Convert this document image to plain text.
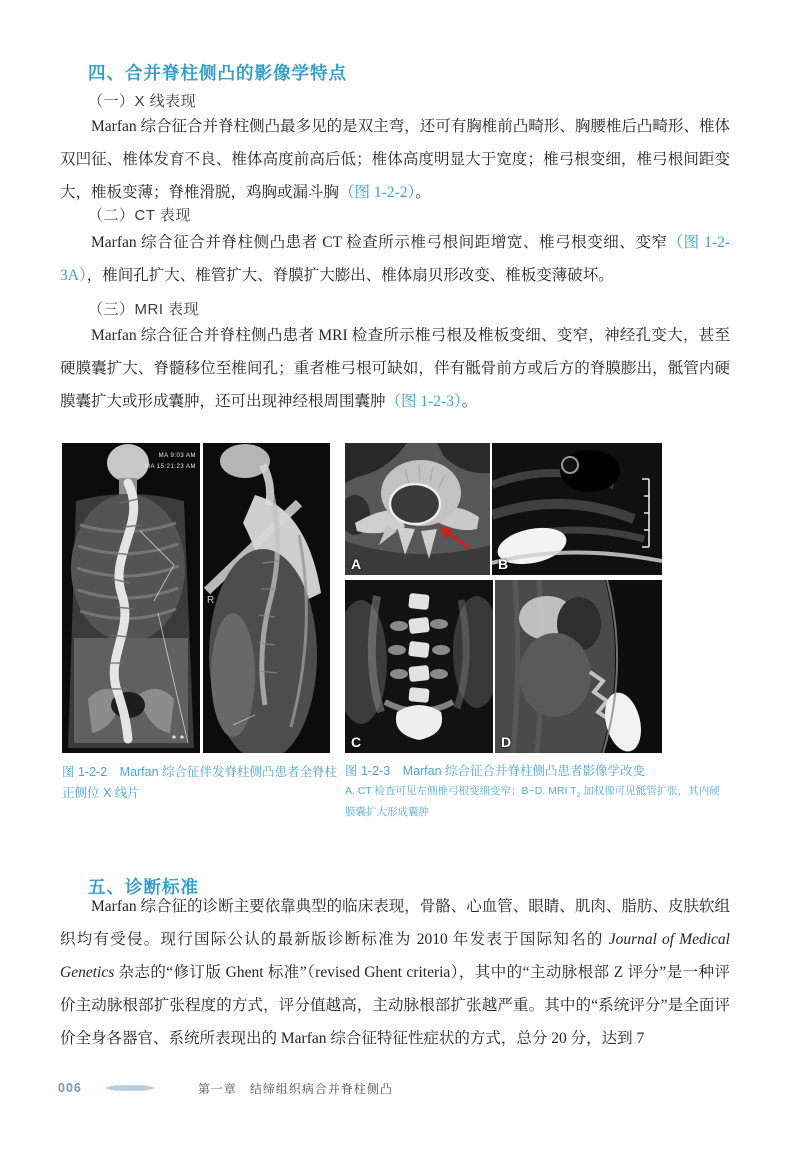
四、合并脊柱侧凸的影像学特点
（一）X 线表现
Marfan 综合征合并脊柱侧凸最多见的是双主弯，还可有胸椎前凸畸形、胸腰椎后凸畸形、椎体双凹征、椎体发育不良、椎体高度前高后低；椎体高度明显大于宽度；椎弓根变细，椎弓根间距变大，椎板变薄；脊椎滑脱，鸡胸或漏斗胸（图 1-2-2）。
（二）CT 表现
Marfan 综合征合并脊柱侧凸患者 CT 检查所示椎弓根间距增宽、椎弓根变细、变窄（图 1-2-3A），椎间孔扩大、椎管扩大、脊膜扩大膨出、椎体扇贝形改变、椎板变薄破坏。
（三）MRI 表现
Marfan 综合征合并脊柱侧凸患者 MRI 检查所示椎弓根及椎板变细、变窄，神经孔变大，甚至硬膜囊扩大、脊髓移位至椎间孔；重者椎弓根可缺如，伴有骶骨前方或后方的脊膜膨出，骶管内硬膜囊扩大或形成囊肿，还可出现神经根周围囊肿（图 1-2-3）。
MA 9:03 AM
MA 15:21:23 AM
R
A	B
C	D
图 1-2-2　Marfan 综合征伴发脊柱侧凸患者全脊柱正侧位 X 线片
图 1-2-3　Marfan 综合征合并脊柱侧凸患者影像学改变
A. CT 检查可见左侧椎弓根变细变窄；B~D. MRI $T_2$ 加权像可见骶管扩张，其内硬膜囊扩大形成囊肿
五、诊断标准
Marfan 综合征的诊断主要依靠典型的临床表现，骨骼、心血管、眼睛、肌肉、脂肪、皮肤软组织均有受侵。现行国际公认的最新版诊断标准为 2010 年发表于国际知名的 Journal of Medical Genetics 杂志的“修订版 Ghent 标准”（revised Ghent criteria），其中的“主动脉根部 Z 评分”是一种评价主动脉根部扩张程度的方式，评分值越高，主动脉根部扩张越严重。其中的“系统评分”是全面评价全身各器官、系统所表现出的 Marfan 综合征特征性症状的方式，总分 20 分，达到 7
006	第一章　结缔组织病合并脊柱侧凸
